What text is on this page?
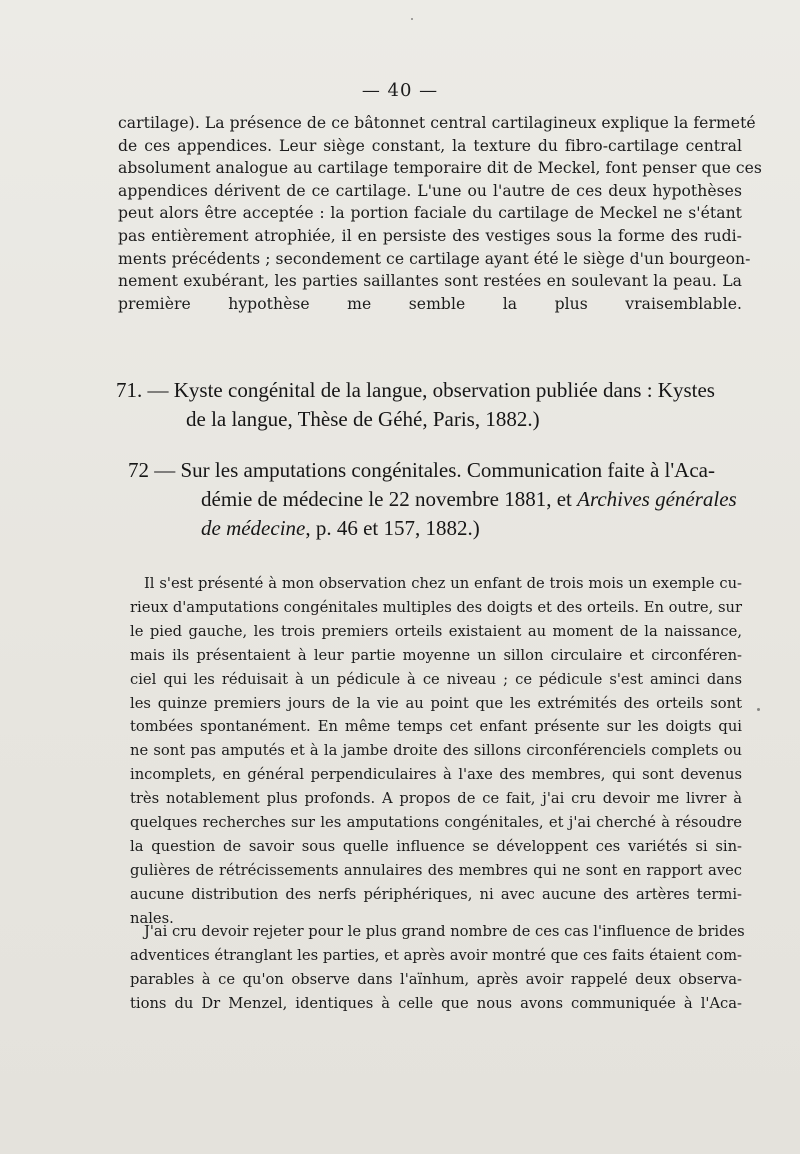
— 40 —
cartilage). La présence de ce bâtonnet central cartilagineux explique la fermeté
de ces appendices. Leur siège constant, la texture du fibro-cartilage central
absolument analogue au cartilage temporaire dit de Meckel, font penser que ces
appendices dérivent de ce cartilage. L'une ou l'autre de ces deux hypothèses
peut alors être acceptée : la portion faciale du cartilage de Meckel ne s'étant
pas entièrement atrophiée, il en persiste des vestiges sous la forme des rudi-
ments précédents ; secondement ce cartilage ayant été le siège d'un bourgeon-
nement exubérant, les parties saillantes sont restées en soulevant la peau. La
première hypothèse me semble la plus vraisemblable.
71. — Kyste congénital de la langue, observation publiée dans : Kystes
de la langue, Thèse de Géhé, Paris, 1882.)
72 — Sur les amputations congénitales. Communication faite à l'Aca-
démie de médecine le 22 novembre 1881, et Archives générales
de médecine, p. 46 et 157, 1882.)
Il s'est présenté à mon observation chez un enfant de trois mois un exemple cu-
rieux d'amputations congénitales multiples des doigts et des orteils. En outre, sur
le pied gauche, les trois premiers orteils existaient au moment de la naissance,
mais ils présentaient à leur partie moyenne un sillon circulaire et circonféren-
ciel qui les réduisait à un pédicule à ce niveau ; ce pédicule s'est aminci dans
les quinze premiers jours de la vie au point que les extrémités des orteils sont
tombées spontanément. En même temps cet enfant présente sur les doigts qui
ne sont pas amputés et à la jambe droite des sillons circonférenciels complets ou
incomplets, en général perpendiculaires à l'axe des membres, qui sont devenus
très notablement plus profonds. A propos de ce fait, j'ai cru devoir me livrer à
quelques recherches sur les amputations congénitales, et j'ai cherché à résoudre
la question de savoir sous quelle influence se développent ces variétés si sin-
gulières de rétrécissements annulaires des membres qui ne sont en rapport avec
aucune distribution des nerfs périphériques, ni avec aucune des artères termi-
nales.
J'ai cru devoir rejeter pour le plus grand nombre de ces cas l'influence de brides
adventices étranglant les parties, et après avoir montré que ces faits étaient com-
parables à ce qu'on observe dans l'aïnhum, après avoir rappelé deux observa-
tions du Dr Menzel, identiques à celle que nous avons communiquée à l'Aca-
